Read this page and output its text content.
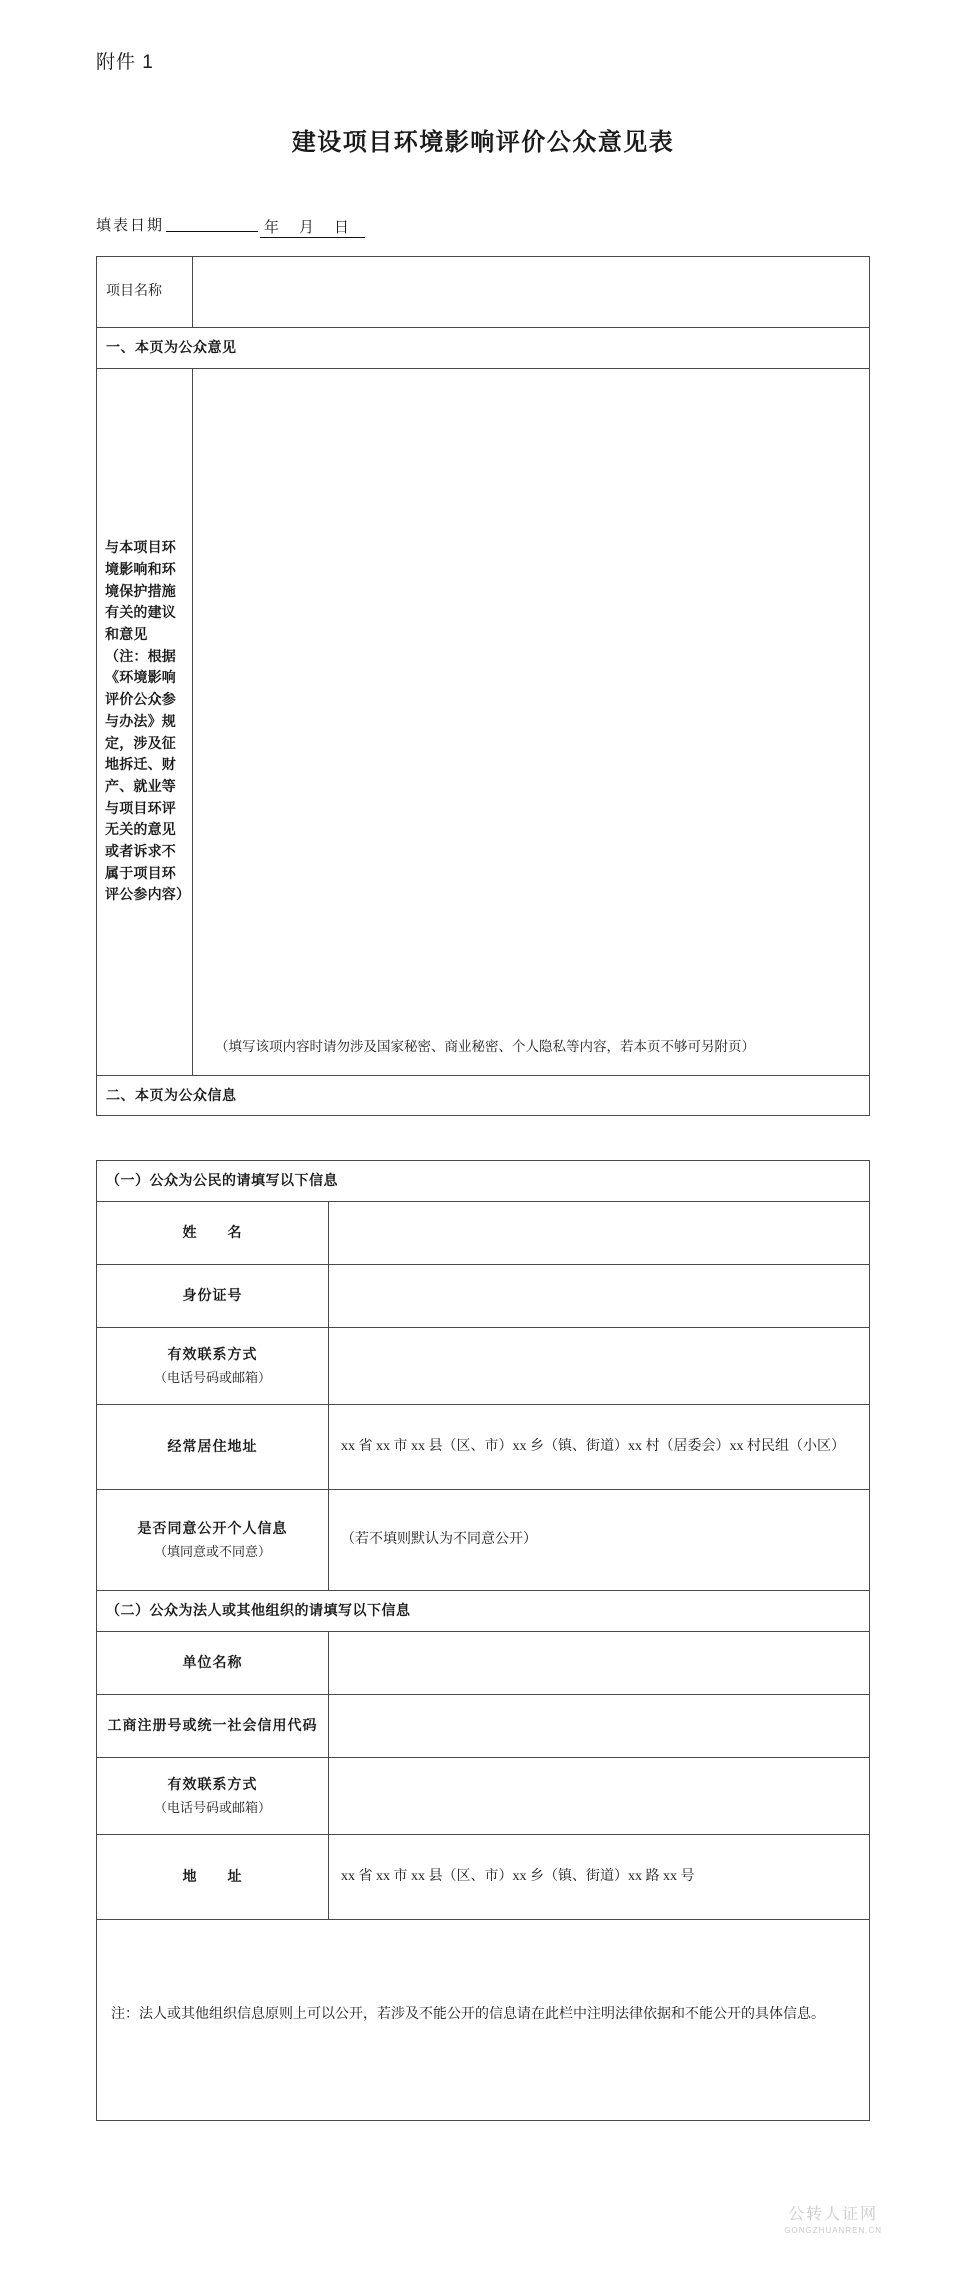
附件 1
建设项目环境影响评价公众意见表
填表日期	年 月 日
项目名称	
一、本页为公众意见	
与本项目环境影响和环境保护措施有关的建议和意见（注：根据《环境影响评价公众参与办法》规定，涉及征地拆迁、财产、就业等与项目环评无关的意见或者诉求不属于项目环评公参内容）	（填写该项内容时请勿涉及国家秘密、商业秘密、个人隐私等内容，若本页不够可另附页）

二、本页为公众信息	
（一）公众为公民的请填写以下信息	
姓　　名	
身份证号	
有效联系方式
（电话号码或邮箱）	

经常居住地址	xx 省 xx 市 xx 县（区、市）xx 乡（镇、街道）xx 村（居委会）xx 村民组（小区）
是否同意公开个人信息
（填同意或不同意）	（若不填则默认为不同意公开）
（二）公众为法人或其他组织的请填写以下信息	
单位名称	
工商注册号或统一社会信用代码	
有效联系方式
（电话号码或邮箱）	

地　　址	xx 省 xx 市 xx 县（区、市）xx 乡（镇、街道）xx 路 xx 号
注：法人或其他组织信息原则上可以公开，若涉及不能公开的信息请在此栏中注明法律依据和不能公开的具体信息。	
公转人证网
GONGZHUANREN.CN
